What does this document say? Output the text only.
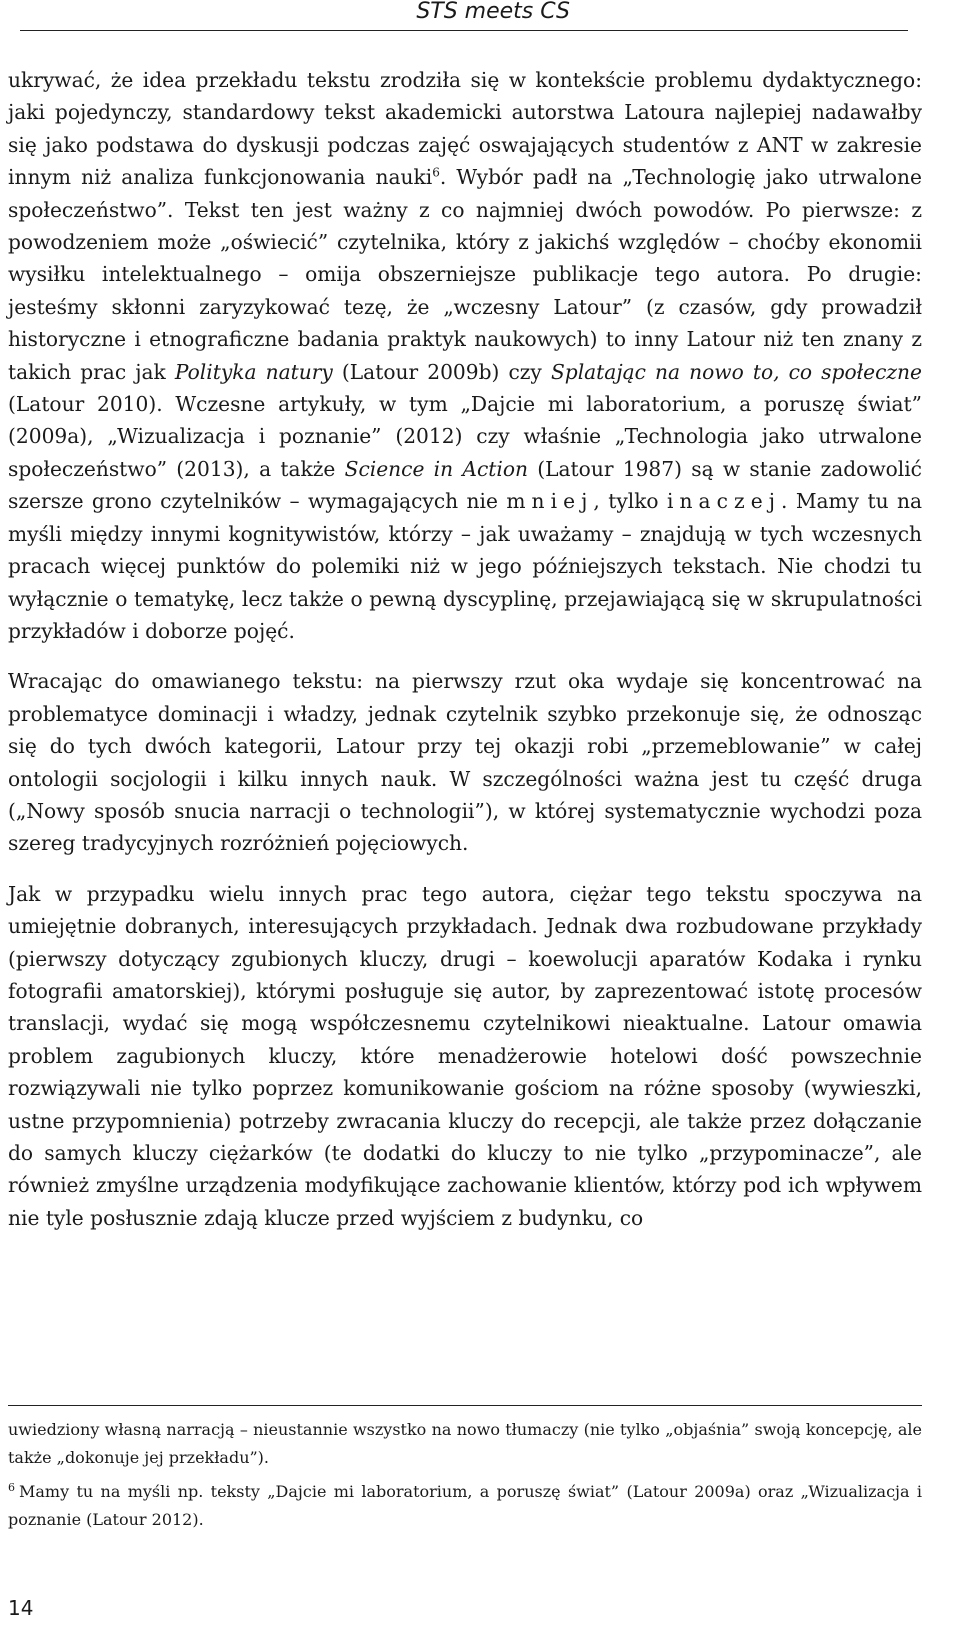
STS meets CS

ukrywać, że idea przekładu tekstu zrodziła się w kontekście problemu dydaktycznego: jaki pojedynczy, standardowy tekst akademicki autorstwa Latoura najlepiej nadawałby się jako podstawa do dyskusji podczas zajęć oswajających studentów z ANT w zakresie innym niż analiza funkcjonowania nauki$^6$. Wybór padł na „Technologię jako utrwalone społeczeństwo”. Tekst ten jest ważny z co najmniej dwóch powodów. Po pierwsze: z powodzeniem może „oświecić” czytelnika, który z jakichś względów – choćby ekonomii wysiłku intelektualnego – omija obszerniejsze publikacje tego autora. Po drugie: jesteśmy skłonni zaryzykować tezę, że „wczesny Latour” (z czasów, gdy prowadził historyczne i etnograficzne badania praktyk naukowych) to inny Latour niż ten znany z takich prac jak Polityka natury (Latour 2009b) czy Splatając na nowo to, co społeczne (Latour 2010). Wczesne artykuły, w tym „Dajcie mi laboratorium, a poruszę świat” (2009a), „Wizualizacja i poznanie” (2012) czy właśnie „Technologia jako utrwalone społeczeństwo” (2013), a także Science in Action (Latour 1987) są w stanie zadowolić szersze grono czytelników – wymagających nie mniej, tylko inaczej. Mamy tu na myśli między innymi kognitywistów, którzy – jak uważamy – znajdują w tych wczesnych pracach więcej punktów do polemiki niż w jego późniejszych tekstach. Nie chodzi tu wyłącznie o tematykę, lecz także o pewną dyscyplinę, przejawiającą się w skrupulatności przykładów i doborze pojęć.

Wracając do omawianego tekstu: na pierwszy rzut oka wydaje się koncentrować na problematyce dominacji i władzy, jednak czytelnik szybko przekonuje się, że odnosząc się do tych dwóch kategorii, Latour przy tej okazji robi „przemeblowanie” w całej ontologii socjologii i kilku innych nauk. W szczególności ważna jest tu część druga („Nowy sposób snucia narracji o technologii”), w której systematycznie wychodzi poza szereg tradycyjnych rozróżnień pojęciowych.

Jak w przypadku wielu innych prac tego autora, ciężar tego tekstu spoczywa na umiejętnie dobranych, interesujących przykładach. Jednak dwa rozbudowane przykłady (pierwszy dotyczący zgubionych kluczy, drugi – koewolucji aparatów Kodaka i rynku fotografii amatorskiej), którymi posługuje się autor, by zaprezentować istotę procesów translacji, wydać się mogą współczesnemu czytelnikowi nieaktualne. Latour omawia problem zagubionych kluczy, które menadżerowie hotelowi dość powszechnie rozwiązywali nie tylko poprzez komunikowanie gościom na różne sposoby (wywieszki, ustne przypomnienia) potrzeby zwracania kluczy do recepcji, ale także przez dołączanie do samych kluczy ciężarków (te dodatki do kluczy to nie tylko „przypominacze”, ale również zmyślne urządzenia modyfikujące zachowanie klientów, którzy pod ich wpływem nie tyle posłusznie zdają klucze przed wyjściem z budynku, co

uwiedziony własną narracją – nieustannie wszystko na nowo tłumaczy (nie tylko „objaśnia” swoją koncepcję, ale także „dokonuje jej przekładu”).

$^6$ Mamy tu na myśli np. teksty „Dajcie mi laboratorium, a poruszę świat” (Latour 2009a) oraz „Wizualizacja i poznanie (Latour 2012).

14
